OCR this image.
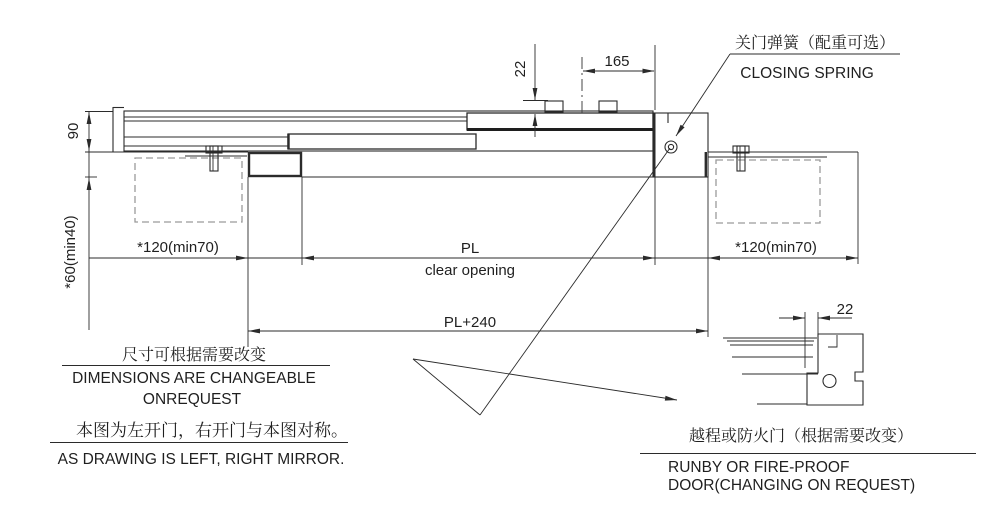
22	165
90
*60(min40)	*120(min70)	PL
clear opening
*120(min70)
PL+240
22
关门弹簧（配重可选）
CLOSING SPRING
尺寸可根据需要改变
DIMENSIONS ARE CHANGEABLE
ONREQUEST
本图为左开门，右开门与本图对称。
AS DRAWING IS LEFT, RIGHT MIRROR.
越程或防火门（根据需要改变）
RUNBY OR FIRE-PROOF
DOOR(CHANGING ON REQUEST)
